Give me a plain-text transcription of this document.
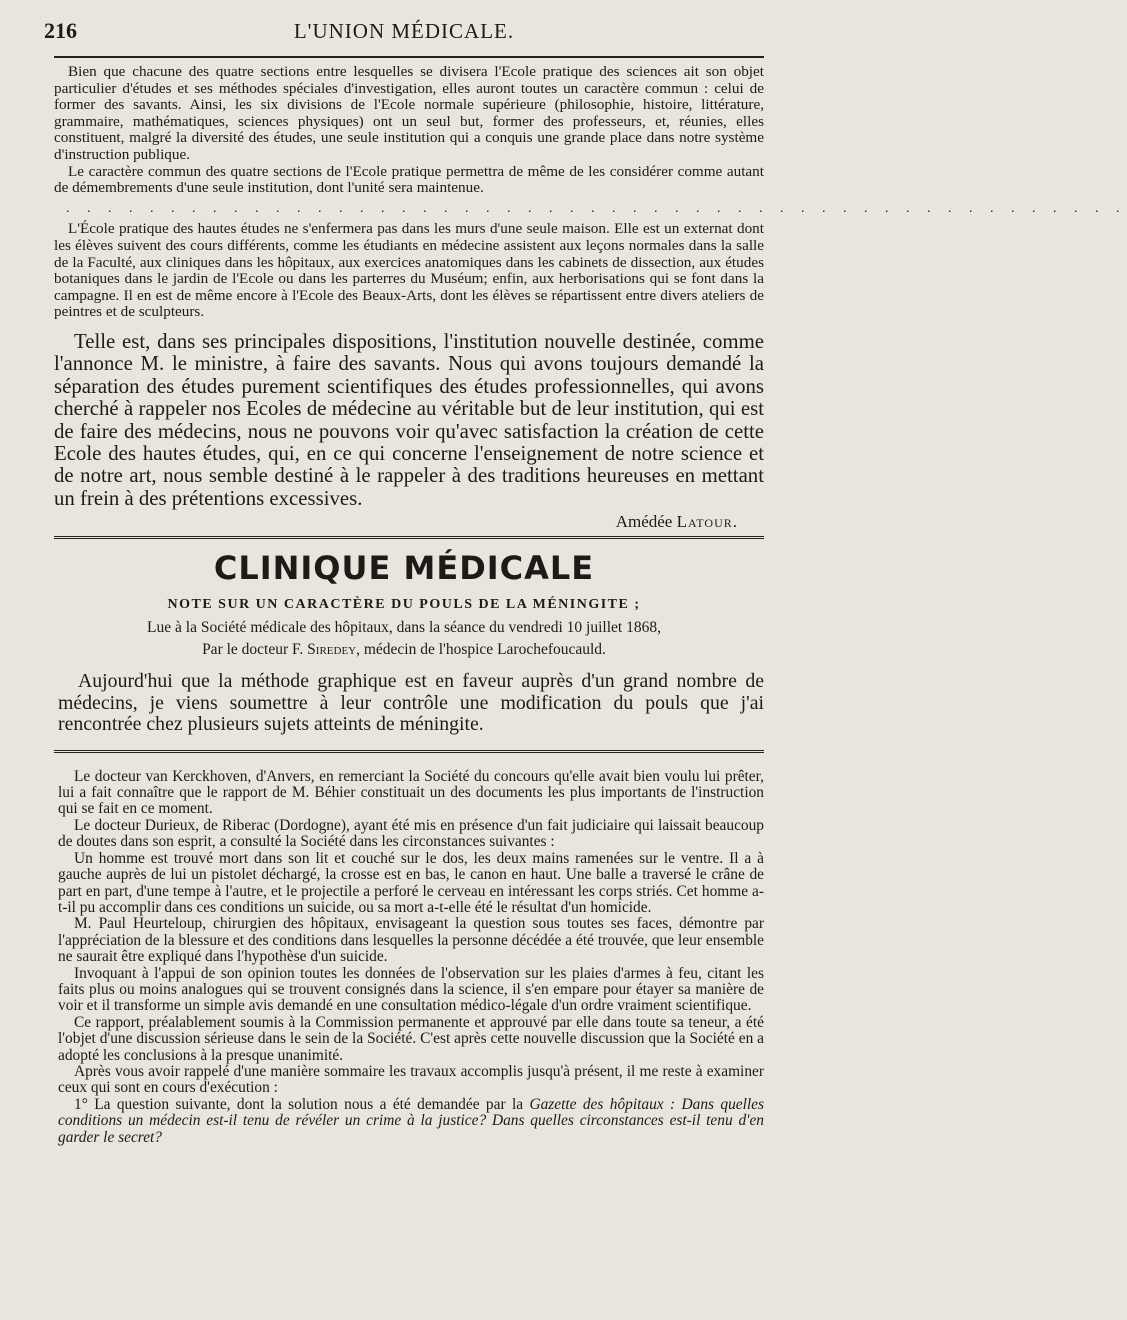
216	L'UNION MÉDICALE.

Bien que chacune des quatre sections entre lesquelles se divisera l'Ecole pratique des sciences ait son objet particulier d'études et ses méthodes spéciales d'investigation, elles auront toutes un caractère commun : celui de former des savants. Ainsi, les six divisions de l'Ecole normale supérieure (philosophie, histoire, littérature, grammaire, mathématiques, sciences physiques) ont un seul but, former des professeurs, et, réunies, elles constituent, malgré la diversité des études, une seule institution qui a conquis une grande place dans notre système d'instruction publique.

Le caractère commun des quatre sections de l'Ecole pratique permettra de même de les considérer comme autant de démembrements d'une seule institution, dont l'unité sera maintenue.

. . . . . . . . . . . . . . . . . . . . . . . . . . . . . . . . . . . . . . . . . . . . . . . . . . .

L'École pratique des hautes études ne s'enfermera pas dans les murs d'une seule maison. Elle est un externat dont les élèves suivent des cours différents, comme les étudiants en médecine assistent aux leçons normales dans la salle de la Faculté, aux cliniques dans les hôpitaux, aux exercices anatomiques dans les cabinets de dissection, aux études botaniques dans le jardin de l'Ecole ou dans les parterres du Muséum; enfin, aux herborisations qui se font dans la campagne. Il en est de même encore à l'Ecole des Beaux-Arts, dont les élèves se répartissent entre divers ateliers de peintres et de sculpteurs.

Telle est, dans ses principales dispositions, l'institution nouvelle destinée, comme l'annonce M. le ministre, à faire des savants. Nous qui avons toujours demandé la séparation des études purement scientifiques des études professionnelles, qui avons cherché à rappeler nos Ecoles de médecine au véritable but de leur institution, qui est de faire des médecins, nous ne pouvons voir qu'avec satisfaction la création de cette Ecole des hautes études, qui, en ce qui concerne l'enseignement de notre science et de notre art, nous semble destiné à le rappeler à des traditions heureuses en mettant un frein à des prétentions excessives.

Amédée Latour.
CLINIQUE MÉDICALE
NOTE SUR UN CARACTÈRE DU POULS DE LA MÉNINGITE ;
Lue à la Société médicale des hôpitaux, dans la séance du vendredi 10 juillet 1868,
Par le docteur F. Siredey, médecin de l'hospice Larochefoucauld.

Aujourd'hui que la méthode graphique est en faveur auprès d'un grand nombre de médecins, je viens soumettre à leur contrôle une modification du pouls que j'ai rencontrée chez plusieurs sujets atteints de méningite.

Le docteur van Kerckhoven, d'Anvers, en remerciant la Société du concours qu'elle avait bien voulu lui prêter, lui a fait connaître que le rapport de M. Béhier constituait un des documents les plus importants de l'instruction qui se fait en ce moment.

Le docteur Durieux, de Riberac (Dordogne), ayant été mis en présence d'un fait judiciaire qui laissait beaucoup de doutes dans son esprit, a consulté la Société dans les circonstances suivantes :

Un homme est trouvé mort dans son lit et couché sur le dos, les deux mains ramenées sur le ventre. Il a à gauche auprès de lui un pistolet déchargé, la crosse est en bas, le canon en haut. Une balle a traversé le crâne de part en part, d'une tempe à l'autre, et le projectile a perforé le cerveau en intéressant les corps striés. Cet homme a-t-il pu accomplir dans ces conditions un suicide, ou sa mort a-t-elle été le résultat d'un homicide.

M. Paul Heurteloup, chirurgien des hôpitaux, envisageant la question sous toutes ses faces, démontre par l'appréciation de la blessure et des conditions dans lesquelles la personne décédée a été trouvée, que leur ensemble ne saurait être expliqué dans l'hypothèse d'un suicide.

Invoquant à l'appui de son opinion toutes les données de l'observation sur les plaies d'armes à feu, citant les faits plus ou moins analogues qui se trouvent consignés dans la science, il s'en empare pour étayer sa manière de voir et il transforme un simple avis demandé en une consultation médico-légale d'un ordre vraiment scientifique.

Ce rapport, préalablement soumis à la Commission permanente et approuvé par elle dans toute sa teneur, a été l'objet d'une discussion sérieuse dans le sein de la Société. C'est après cette nouvelle discussion que la Société en a adopté les conclusions à la presque unanimité.

Après vous avoir rappelé d'une manière sommaire les travaux accomplis jusqu'à présent, il me reste à examiner ceux qui sont en cours d'exécution :

1° La question suivante, dont la solution nous a été demandée par la Gazette des hôpitaux : Dans quelles conditions un médecin est-il tenu de révéler un crime à la justice? Dans quelles circonstances est-il tenu d'en garder le secret?
